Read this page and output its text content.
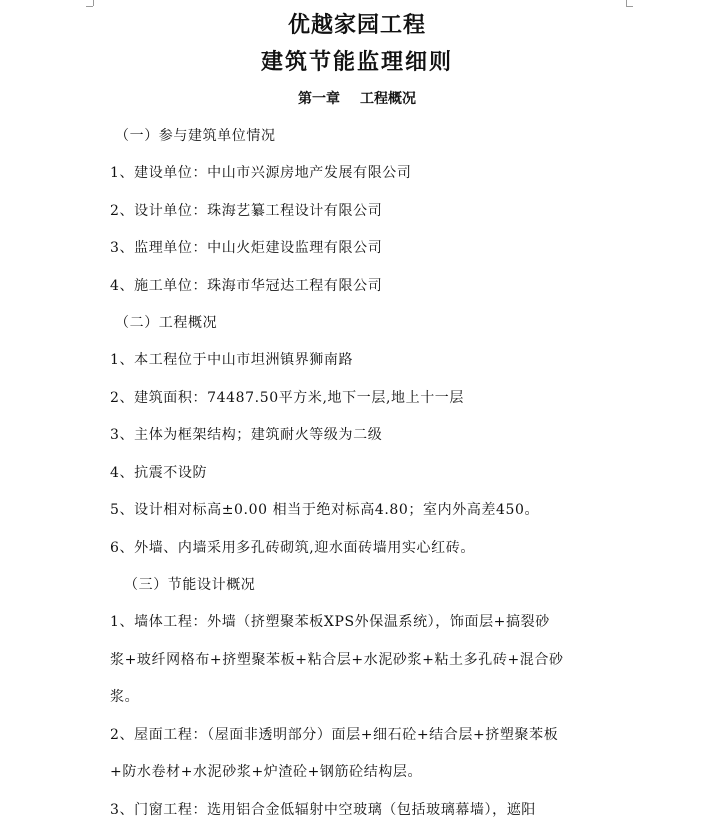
优越家园工程
建筑节能监理细则
第一章 工程概况
（一）参与建筑单位情况
1、建设单位：中山市兴源房地产发展有限公司
2、设计单位：珠海艺纂工程设计有限公司
3、监理单位：中山火炬建设监理有限公司
4、施工单位：珠海市华冠达工程有限公司
（二）工程概况
1、本工程位于中山市坦洲镇界狮南路
2、建筑面积：74487.50平方米,地下一层,地上十一层
3、主体为框架结构；建筑耐火等级为二级
4、抗震不设防
5、设计相对标高±0.00 相当于绝对标高4.80；室内外高差450。
6、外墙、内墙采用多孔砖砌筑,迎水面砖墙用实心红砖。
（三）节能设计概况
1、墙体工程：外墙（挤塑聚苯板XPS外保温系统），饰面层+搞裂砂
浆+玻纤网格布+挤塑聚苯板+粘合层+水泥砂浆+粘土多孔砖+混合砂
浆。
2、屋面工程：（屋面非透明部分）面层+细石砼+结合层+挤塑聚苯板
+防水卷材+水泥砂浆+炉渣砼+钢筋砼结构层。
3、门窗工程：选用铝合金低辐射中空玻璃（包括玻璃幕墙），遮阳
